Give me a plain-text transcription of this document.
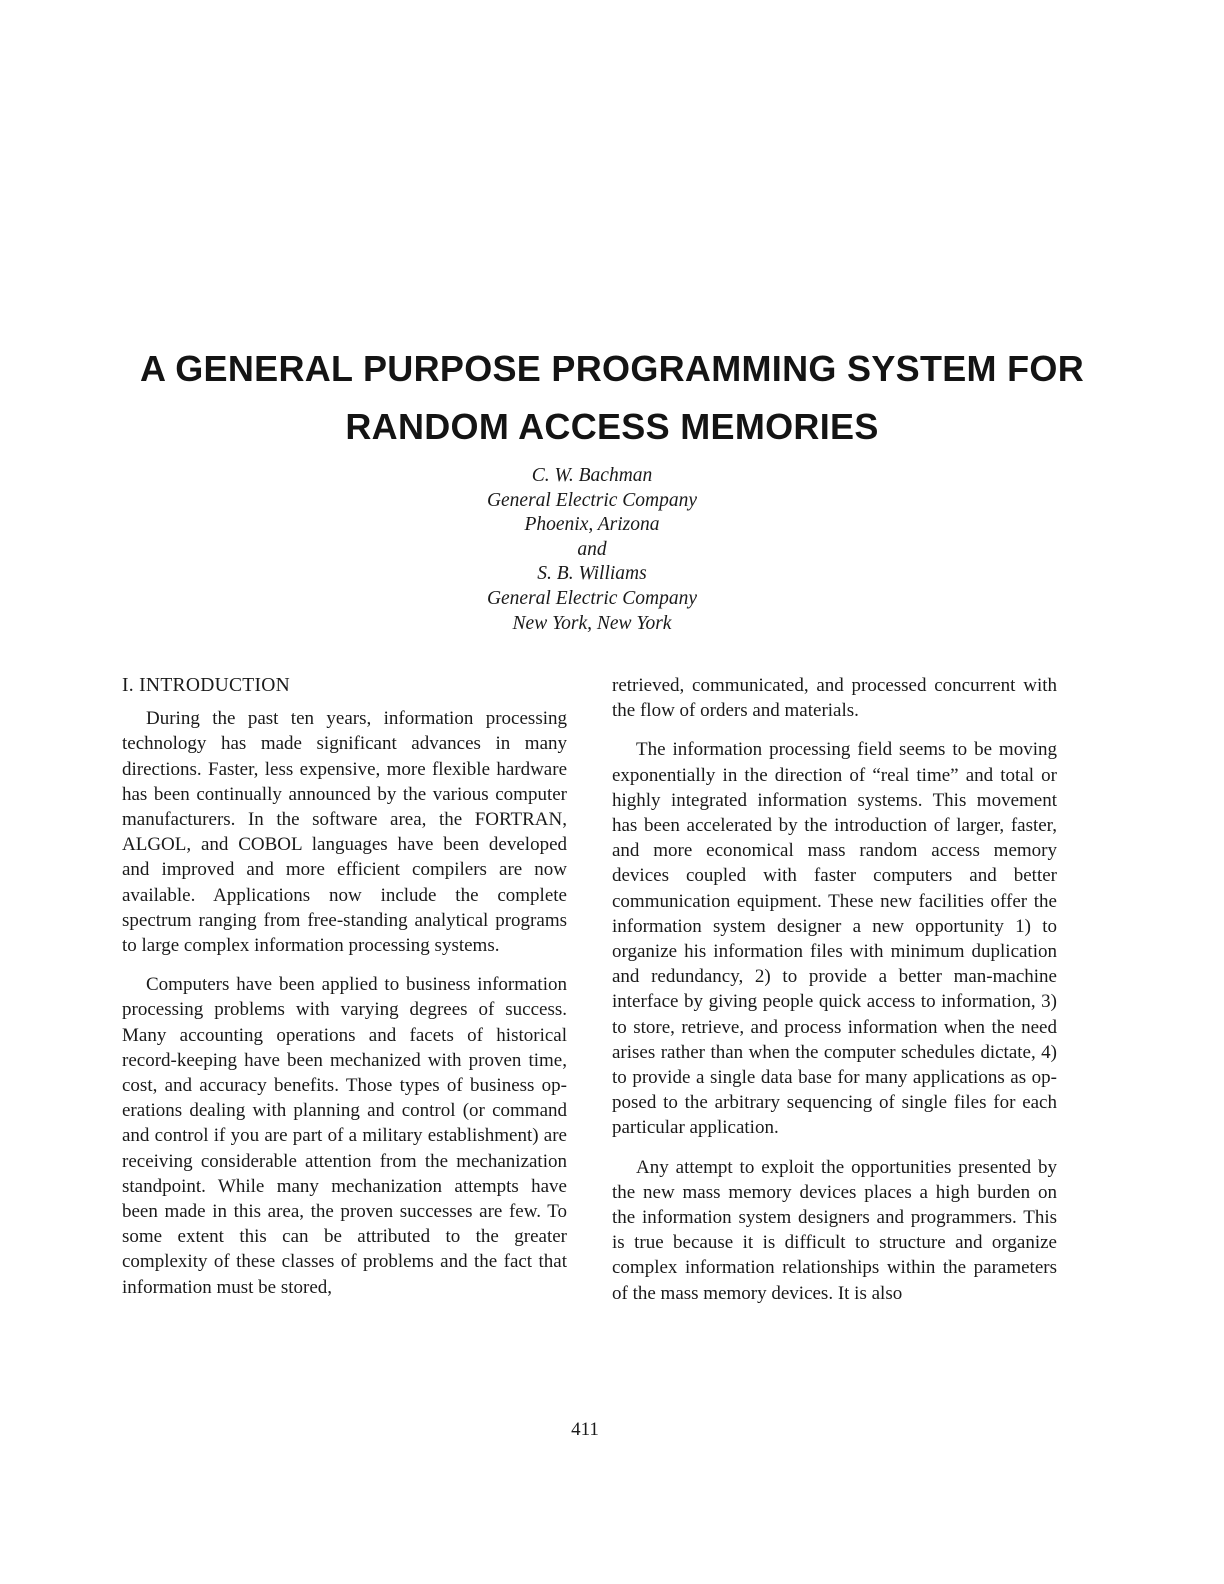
A GENERAL PURPOSE PROGRAMMING SYSTEM FOR
RANDOM ACCESS MEMORIES
C. W. Bachman
General Electric Company
Phoenix, Arizona
and
S. B. Williams
General Electric Company
New York, New York
I. INTRODUCTION

During the past ten years, information processing technology has made significant advances in many directions. Faster, less expensive, more flexible hardware has been continually announced by the various computer manufacturers. In the software area, the FORTRAN, ALGOL, and COBOL languages have been developed and improved and more efficient compilers are now available. Applications now include the complete spectrum ranging from free-standing analytical programs to large complex information processing systems.

Computers have been applied to business information processing problems with varying degrees of success. Many accounting operations and facets of historical record-keeping have been mechanized with proven time, cost, and accuracy benefits. Those types of business operations dealing with planning and control (or command and control if you are part of a military establishment) are receiving considerable attention from the mechanization standpoint. While many mechanization attempts have been made in this area, the proven successes are few. To some extent this can be attributed to the greater complexity of these classes of problems and the fact that information must be stored,

retrieved, communicated, and processed concurrent with the flow of orders and materials.

The information processing field seems to be moving exponentially in the direction of “real time” and total or highly integrated information systems. This movement has been accelerated by the introduction of larger, faster, and more economical mass random access memory devices coupled with faster computers and better communication equipment. These new facilities offer the information system designer a new opportunity 1) to organize his information files with minimum duplication and redundancy, 2) to provide a better man-machine interface by giving people quick access to information, 3) to store, retrieve, and process information when the need arises rather than when the computer schedules dictate, 4) to provide a single data base for many applications as opposed to the arbitrary sequencing of single files for each particular application.

Any attempt to exploit the opportunities presented by the new mass memory devices places a high burden on the information system designers and programmers. This is true because it is difficult to structure and organize complex information relationships within the parameters of the mass memory devices. It is also

411
